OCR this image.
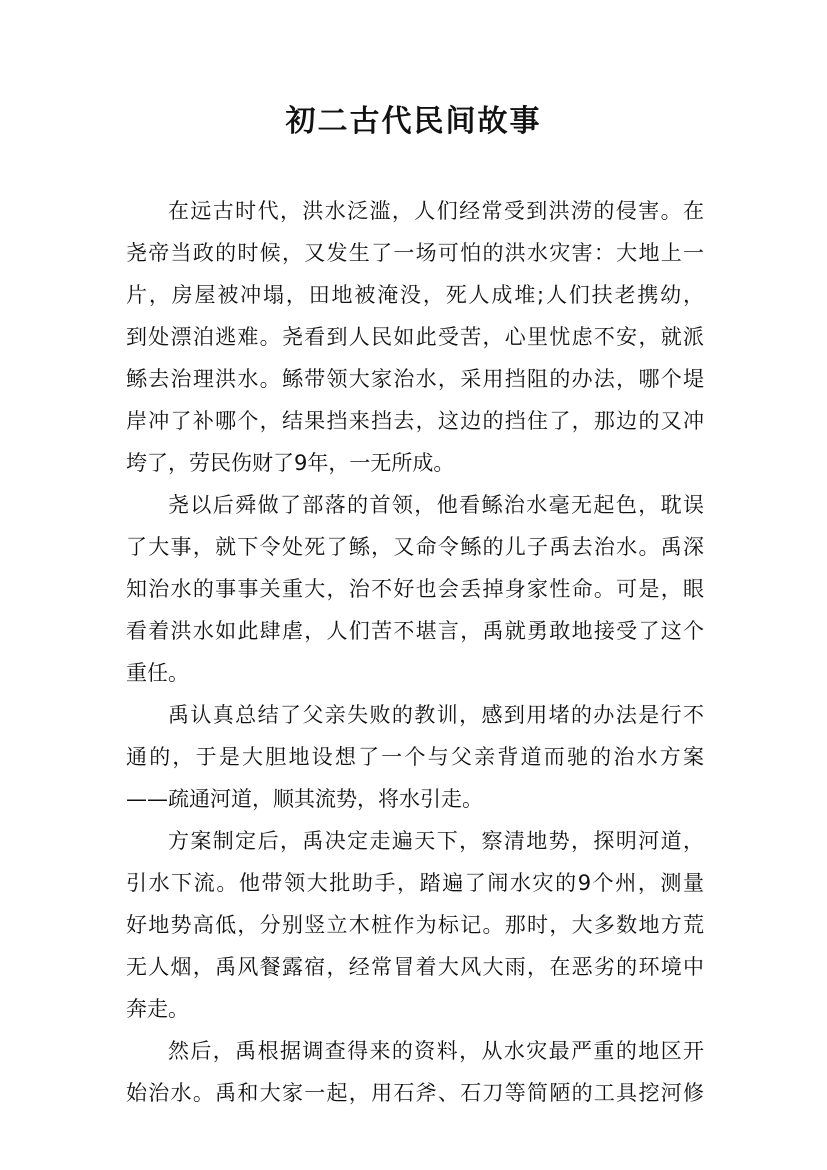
初二古代民间故事
在远古时代，洪水泛滥，人们经常受到洪涝的侵害。在
尧帝当政的时候，又发生了一场可怕的洪水灾害：大地上一
片，房屋被冲塌，田地被淹没，死人成堆;人们扶老携幼，
到处漂泊逃难。尧看到人民如此受苦，心里忧虑不安，就派
鲧去治理洪水。鲧带领大家治水，采用挡阻的办法，哪个堤
岸冲了补哪个，结果挡来挡去，这边的挡住了，那边的又冲
垮了，劳民伤财了9年，一无所成。
尧以后舜做了部落的首领，他看鲧治水毫无起色，耽误
了大事，就下令处死了鲧，又命令鲧的儿子禹去治水。禹深
知治水的事事关重大，治不好也会丢掉身家性命。可是，眼
看着洪水如此肆虐，人们苦不堪言，禹就勇敢地接受了这个
重任。
禹认真总结了父亲失败的教训，感到用堵的办法是行不
通的，于是大胆地设想了一个与父亲背道而驰的治水方案
——疏通河道，顺其流势，将水引走。
方案制定后，禹决定走遍天下，察清地势，探明河道，
引水下流。他带领大批助手，踏遍了闹水灾的9个州，测量
好地势高低，分别竖立木桩作为标记。那时，大多数地方荒
无人烟，禹风餐露宿，经常冒着大风大雨，在恶劣的环境中
奔走。
然后，禹根据调查得来的资料，从水灾最严重的地区开
始治水。禹和大家一起，用石斧、石刀等简陋的工具挖河修
